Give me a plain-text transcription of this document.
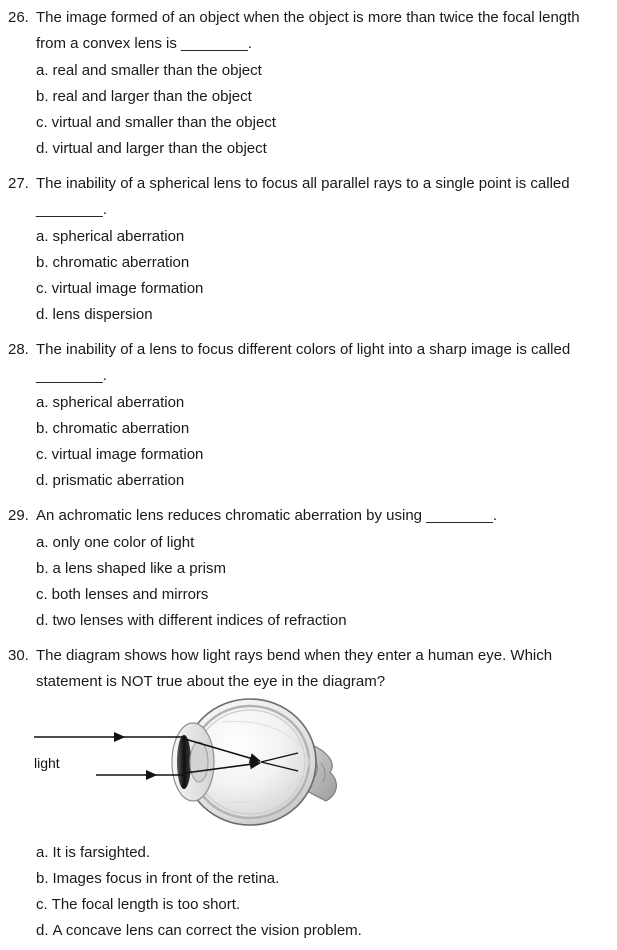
26. The image formed of an object when the object is more than twice the focal length from a convex lens is ________.
a. real and smaller than the object
b. real and larger than the object
c. virtual and smaller than the object
d. virtual and larger than the object
27. The inability of a spherical lens to focus all parallel rays to a single point is called ________.
a. spherical aberration
b. chromatic aberration
c. virtual image formation
d. lens dispersion
28. The inability of a lens to focus different colors of light into a sharp image is called ________.
a. spherical aberration
b. chromatic aberration
c. virtual image formation
d. prismatic aberration
29. An achromatic lens reduces chromatic aberration by using ________.
a. only one color of light
b. a lens shaped like a prism
c. both lenses and mirrors
d. two lenses with different indices of refraction
30. The diagram shows how light rays bend when they enter a human eye. Which statement is NOT true about the eye in the diagram?
light
a. It is farsighted.
b. Images focus in front of the retina.
c. The focal length is too short.
d. A concave lens can correct the vision problem.
